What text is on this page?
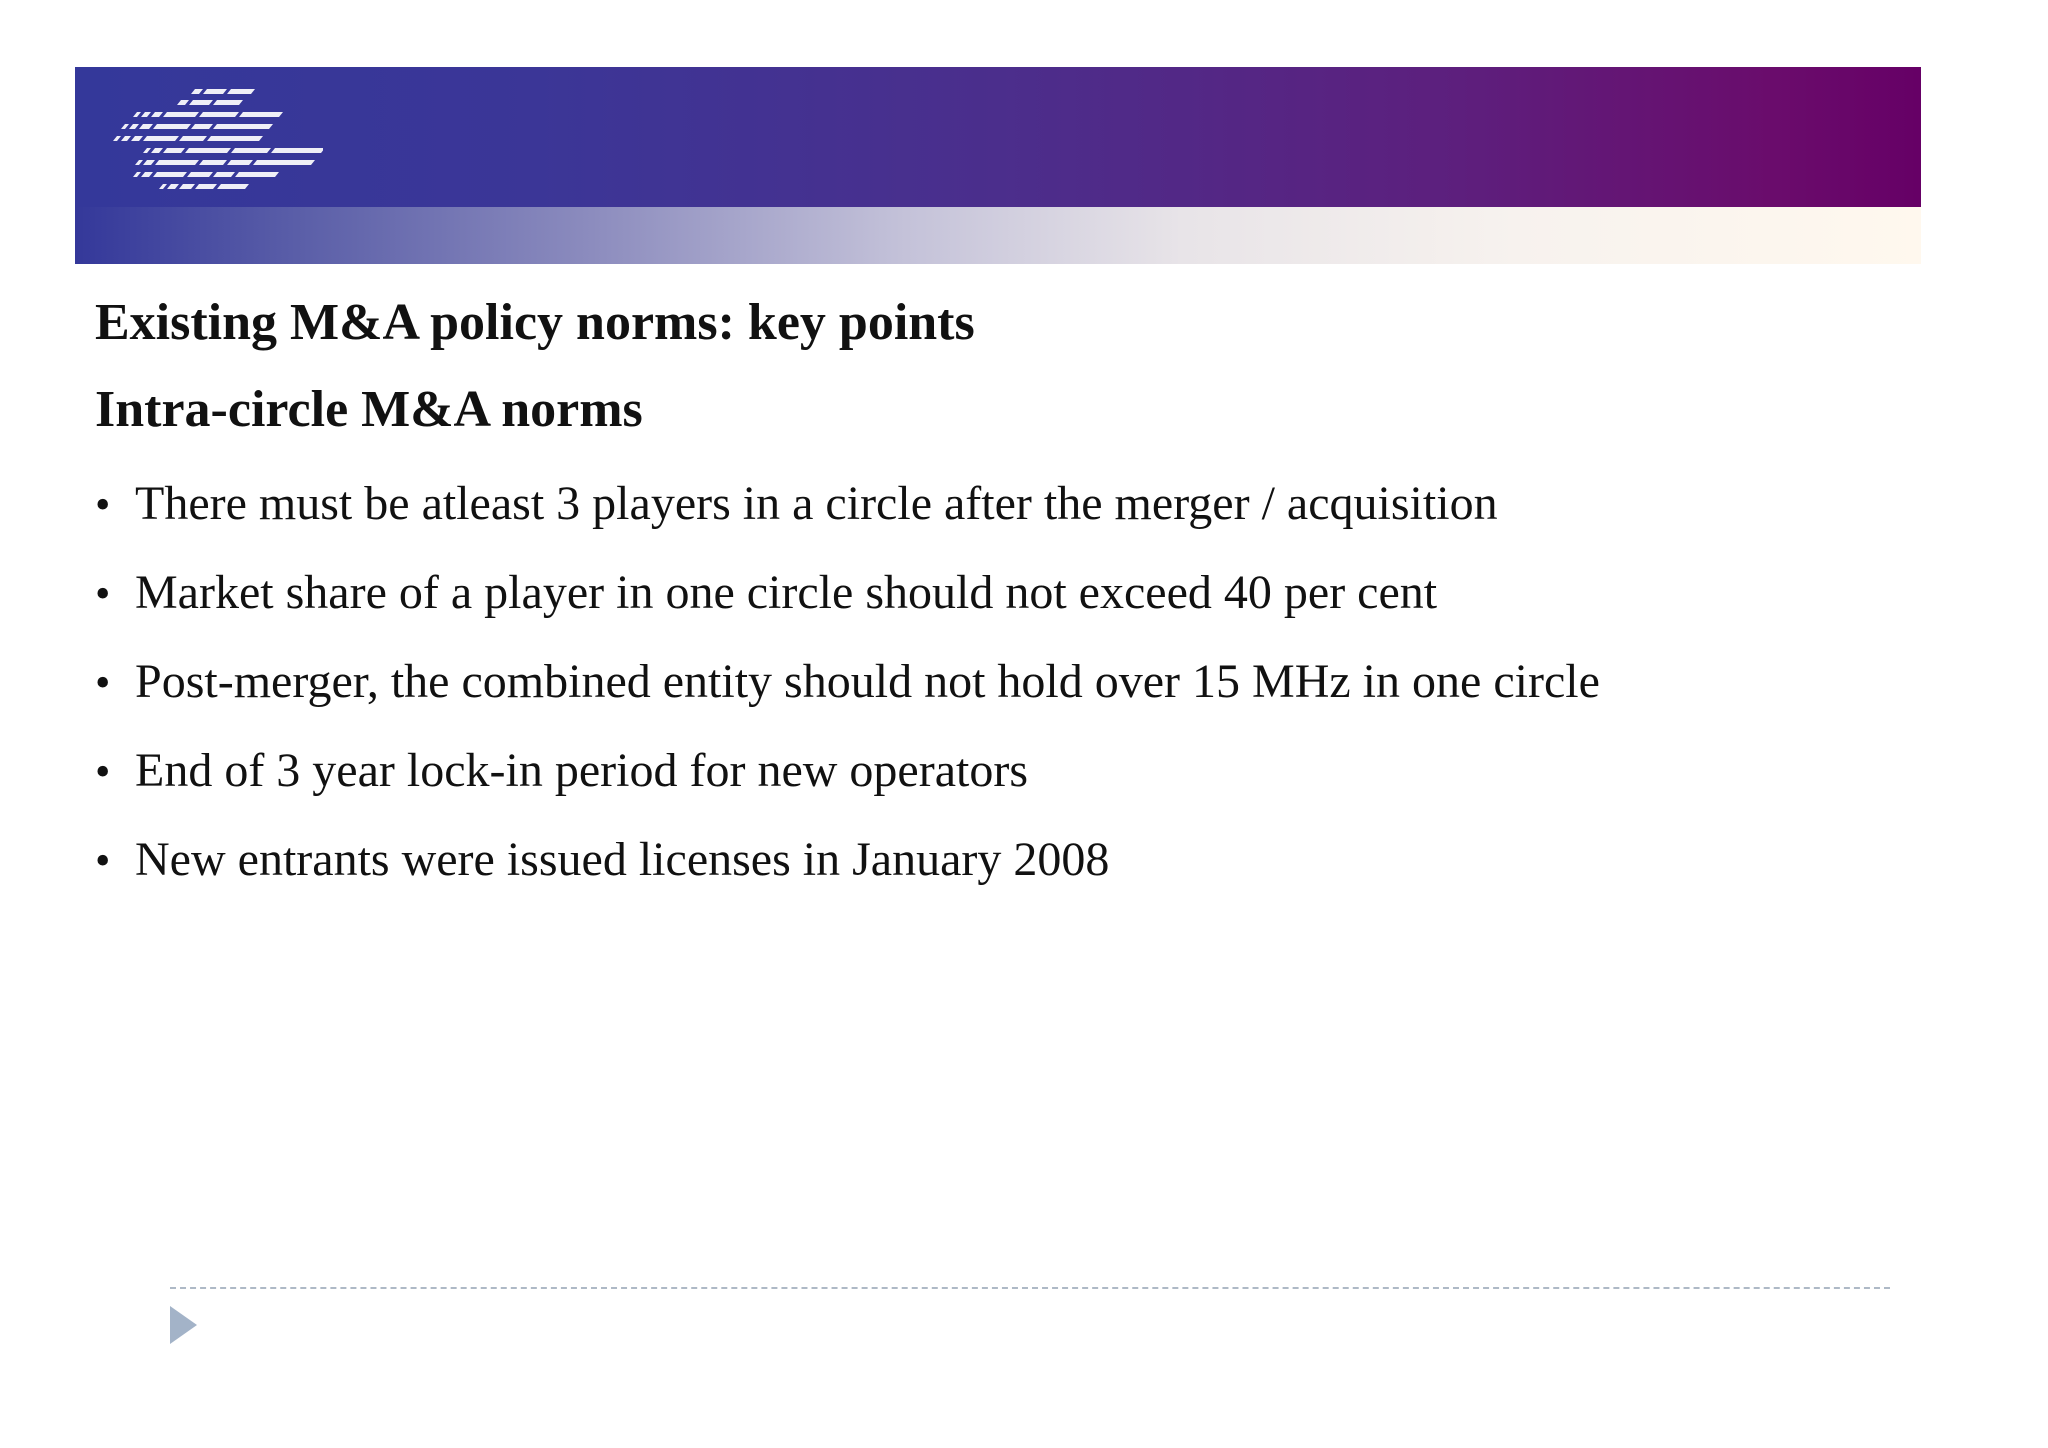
Existing M&A policy norms: key points
Intra-circle M&A norms
• There must be atleast 3 players in a circle after the merger / acquisition
• Market share of a player in one circle should not exceed 40 per cent
• Post-merger, the combined entity should not hold over 15 MHz in one circle
• End of 3 year lock-in period for new operators
• New entrants were issued licenses in January 2008
